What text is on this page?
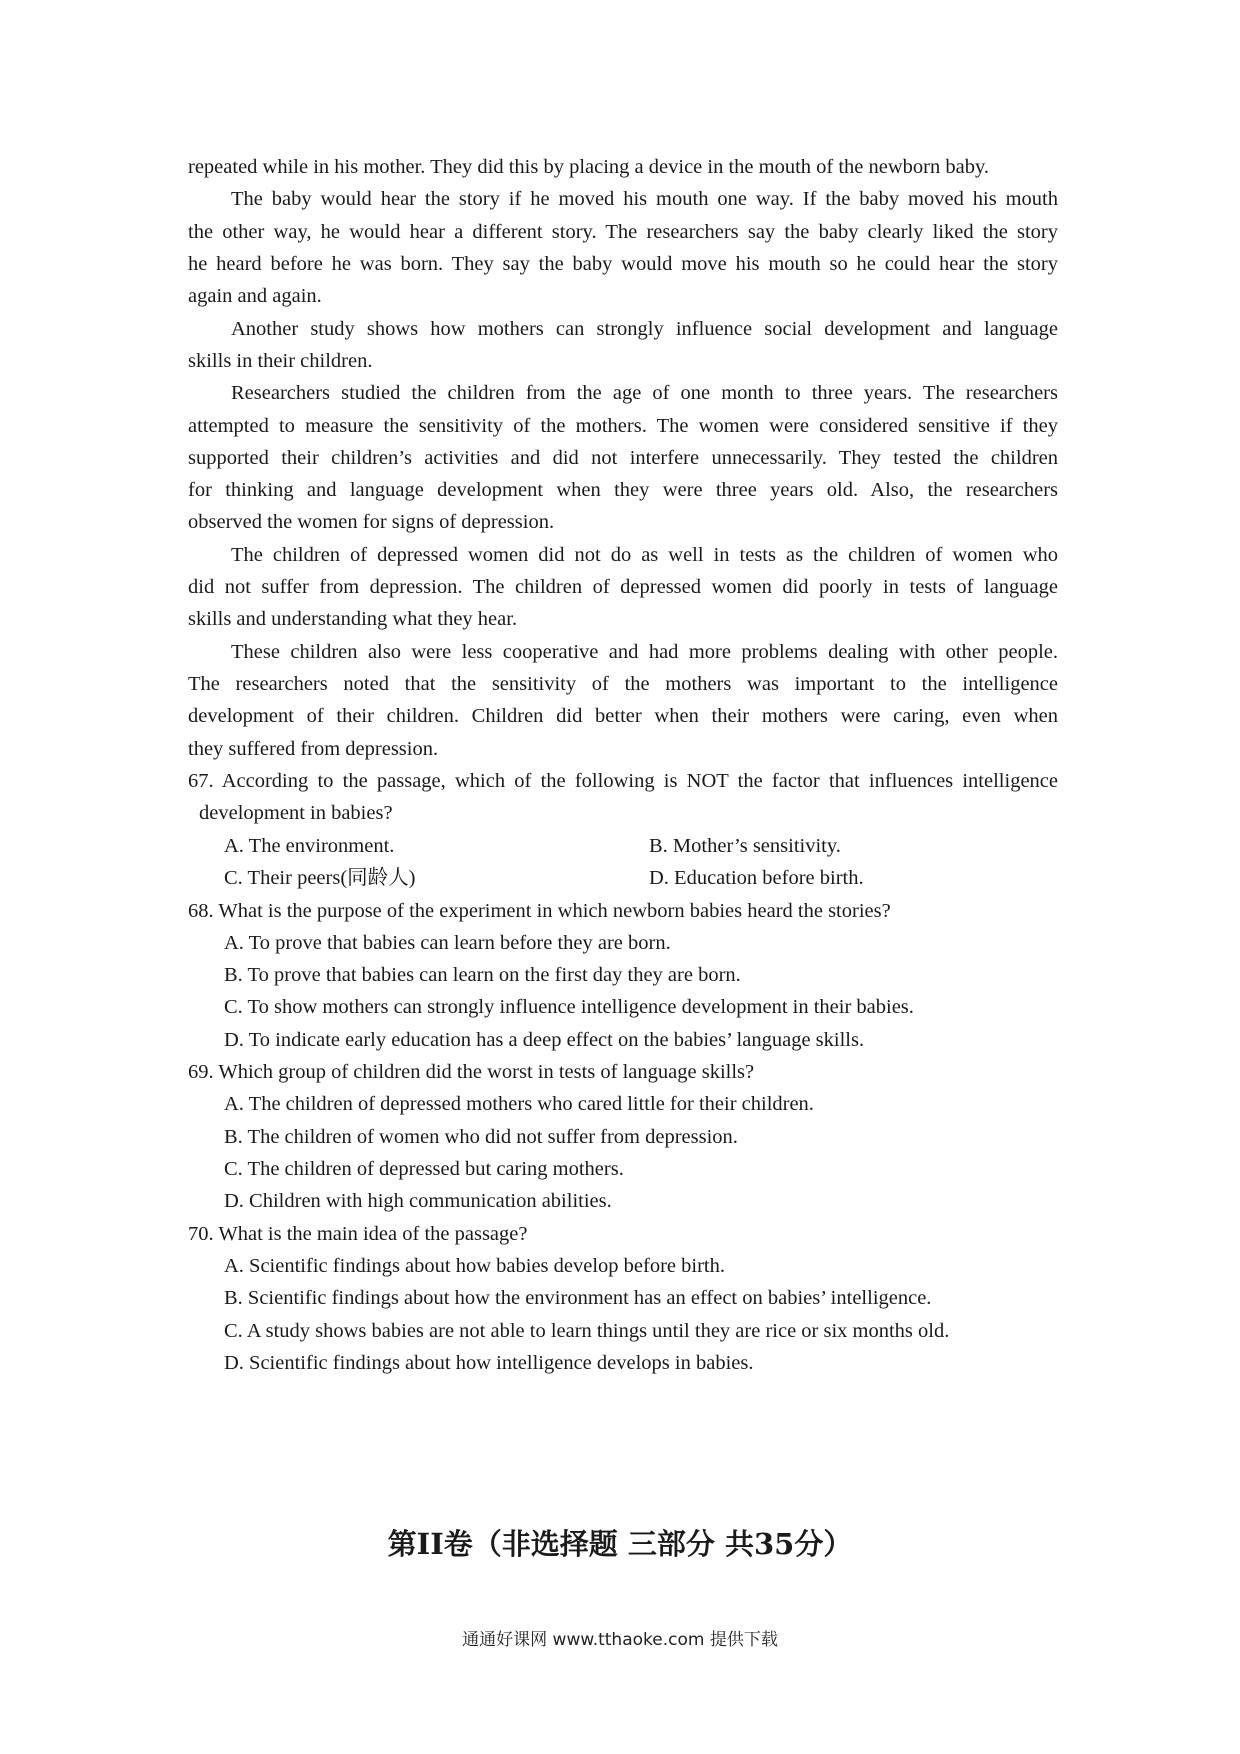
repeated while in his mother. They did this by placing a device in the mouth of the newborn baby.
The baby would hear the story if he moved his mouth one way. If the baby moved his mouth
the other way, he would hear a different story. The researchers say the baby clearly liked the story
he heard before he was born. They say the baby would move his mouth so he could hear the story
again and again.
Another study shows how mothers can strongly influence social development and language
skills in their children.
Researchers studied the children from the age of one month to three years. The researchers
attempted to measure the sensitivity of the mothers. The women were considered sensitive if they
supported their children’s activities and did not interfere unnecessarily. They tested the children
for thinking and language development when they were three years old. Also, the researchers
observed the women for signs of depression.
The children of depressed women did not do as well in tests as the children of women who
did not suffer from depression. The children of depressed women did poorly in tests of language
skills and understanding what they hear.
These children also were less cooperative and had more problems dealing with other people.
The researchers noted that the sensitivity of the mothers was important to the intelligence
development of their children. Children did better when their mothers were caring, even when
they suffered from depression.
67. According to the passage, which of the following is NOT the factor that influences intelligence
development in babies?
A. The environment.	B. Mother’s sensitivity.
C. Their peers(同龄人)	D. Education before birth.
68. What is the purpose of the experiment in which newborn babies heard the stories?
A. To prove that babies can learn before they are born.
B. To prove that babies can learn on the first day they are born.
C. To show mothers can strongly influence intelligence development in their babies.
D. To indicate early education has a deep effect on the babies’ language skills.
69. Which group of children did the worst in tests of language skills?
A. The children of depressed mothers who cared little for their children.
B. The children of women who did not suffer from depression.
C. The children of depressed but caring mothers.
D. Children with high communication abilities.
70. What is the main idea of the passage?
A. Scientific findings about how babies develop before birth.
B. Scientific findings about how the environment has an effect on babies’ intelligence.
C. A study shows babies are not able to learn things until they are rice or six months old.
D. Scientific findings about how intelligence develops in babies.
第II卷（非选择题 三部分 共35分）
通通好课网 www.tthaoke.com 提供下载
